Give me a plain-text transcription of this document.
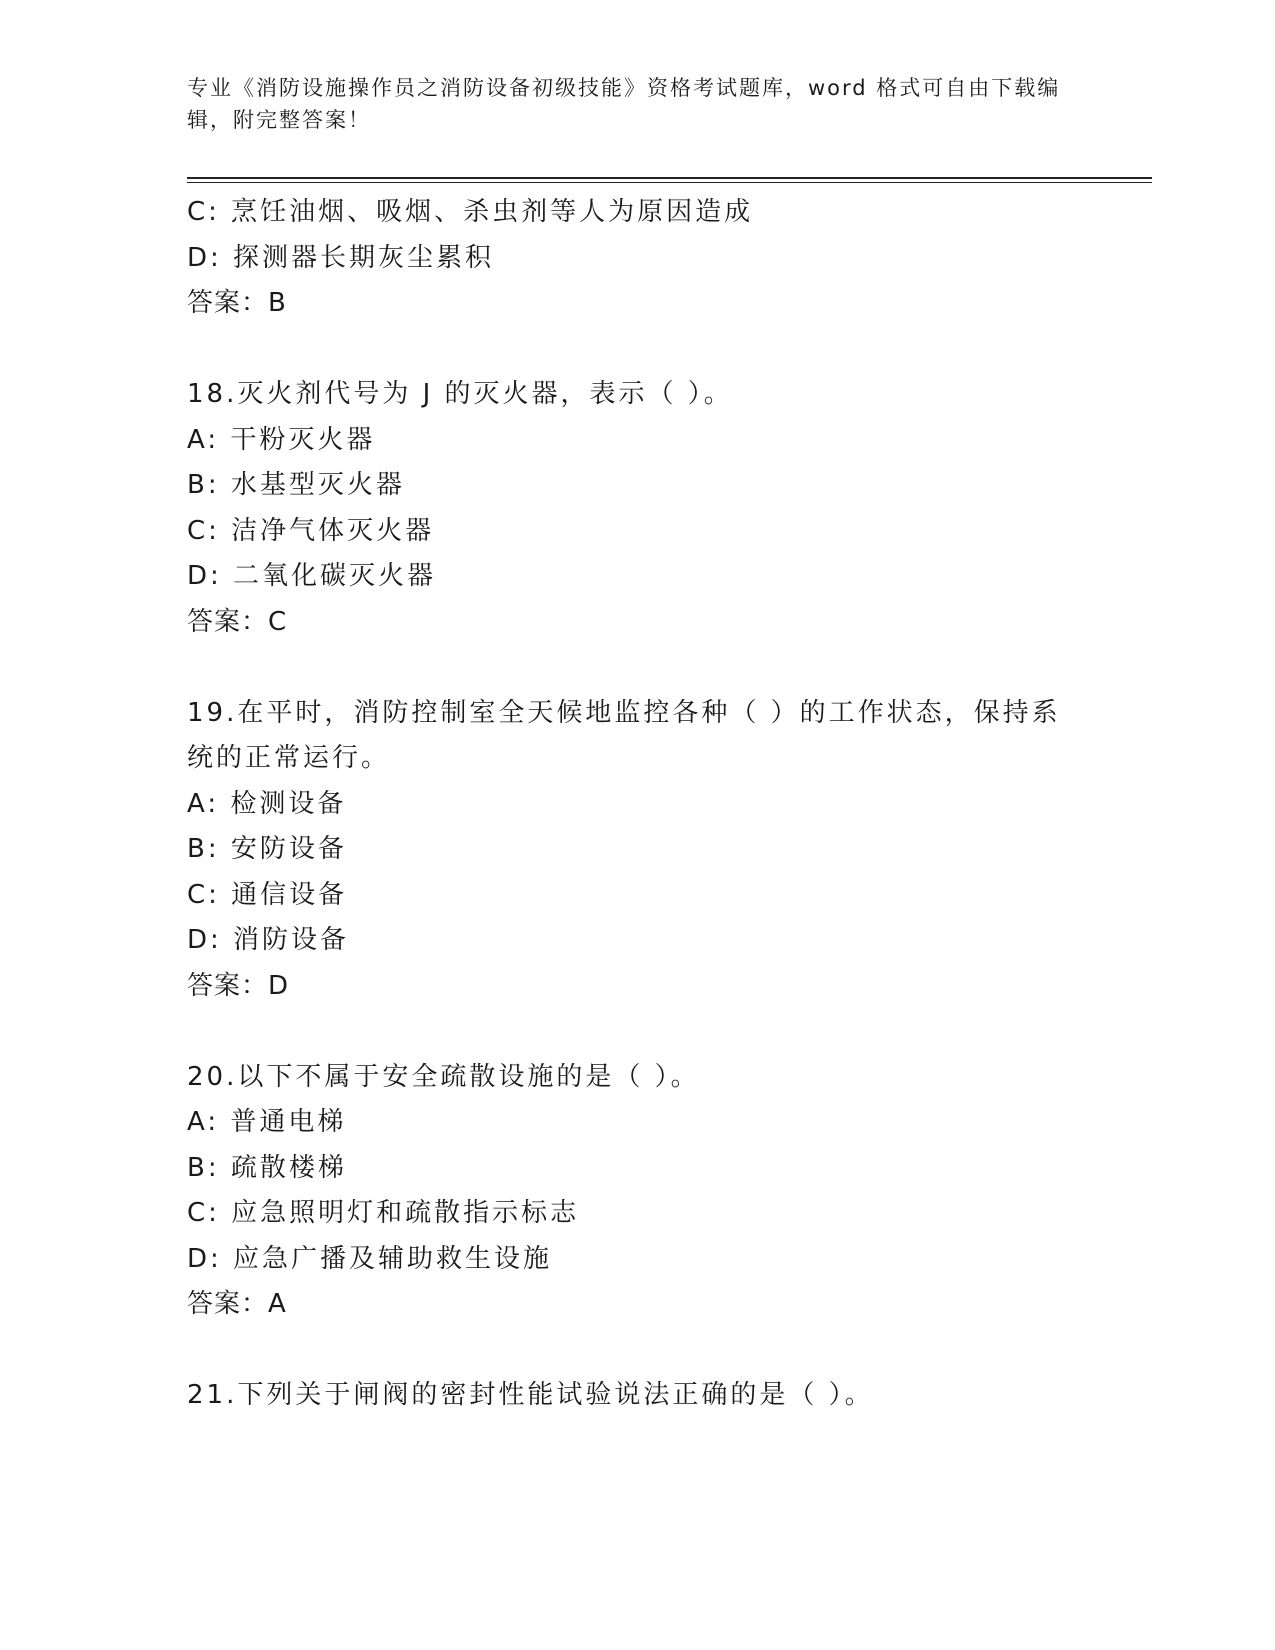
专业《消防设施操作员之消防设备初级技能》资格考试题库，word 格式可自由下载编辑，附完整答案！
C: 烹饪油烟、吸烟、杀虫剂等人为原因造成
D: 探测器长期灰尘累积
答案：B
18.灭火剂代号为 J 的灭火器，表示（ ）。
A: 干粉灭火器
B: 水基型灭火器
C: 洁净气体灭火器
D: 二氧化碳灭火器
答案：C
19.在平时，消防控制室全天候地监控各种（ ）的工作状态，保持系统的正常运行。
A: 检测设备
B: 安防设备
C: 通信设备
D: 消防设备
答案：D
20.以下不属于安全疏散设施的是（ ）。
A: 普通电梯
B: 疏散楼梯
C: 应急照明灯和疏散指示标志
D: 应急广播及辅助救生设施
答案：A
21.下列关于闸阀的密封性能试验说法正确的是（ ）。
